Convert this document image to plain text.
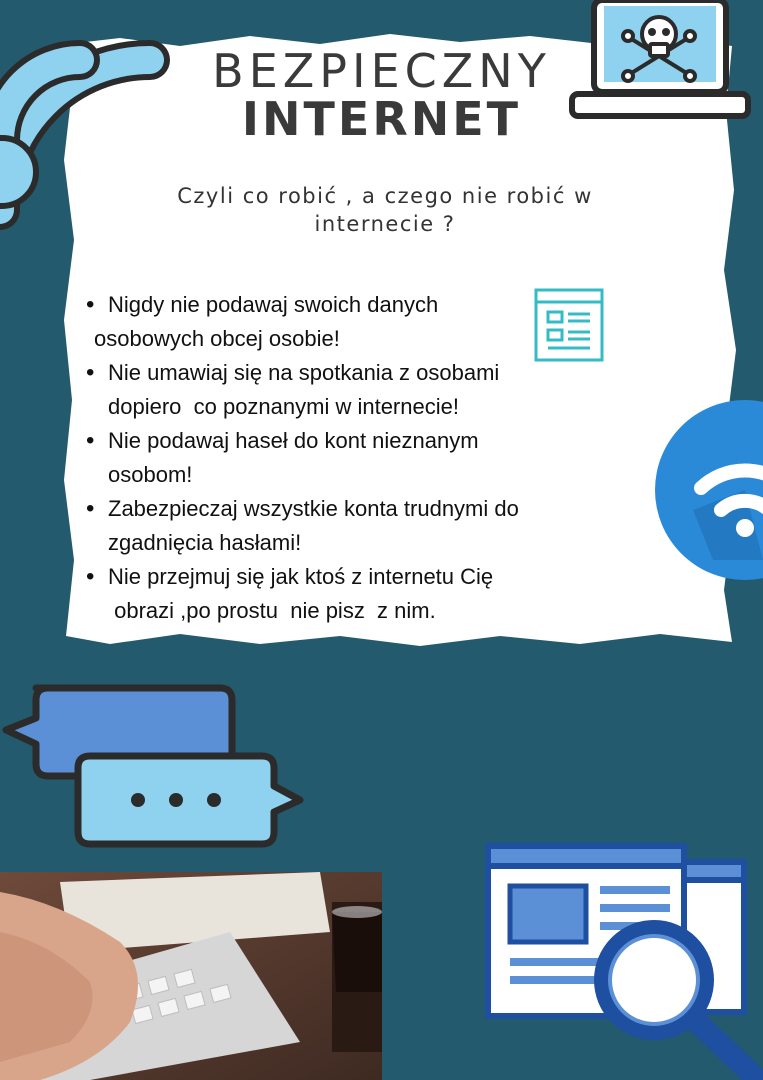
BEZPIECZNY
INTERNET
Czyli co robić , a czego nie robić w internecie ?
• Nigdy nie podawaj swoich danych
osobowych obcej osobie!
• Nie umawiaj się na spotkania z osobami
dopiero  co poznanymi w internecie!
• Nie podawaj haseł do kont nieznanym
osobom!
• Zabezpieczaj wszystkie konta trudnymi do
zgadnięcia hasłami!
• Nie przejmuj się jak ktoś z internetu Cię
obrazi ,po prostu  nie pisz  z nim.
